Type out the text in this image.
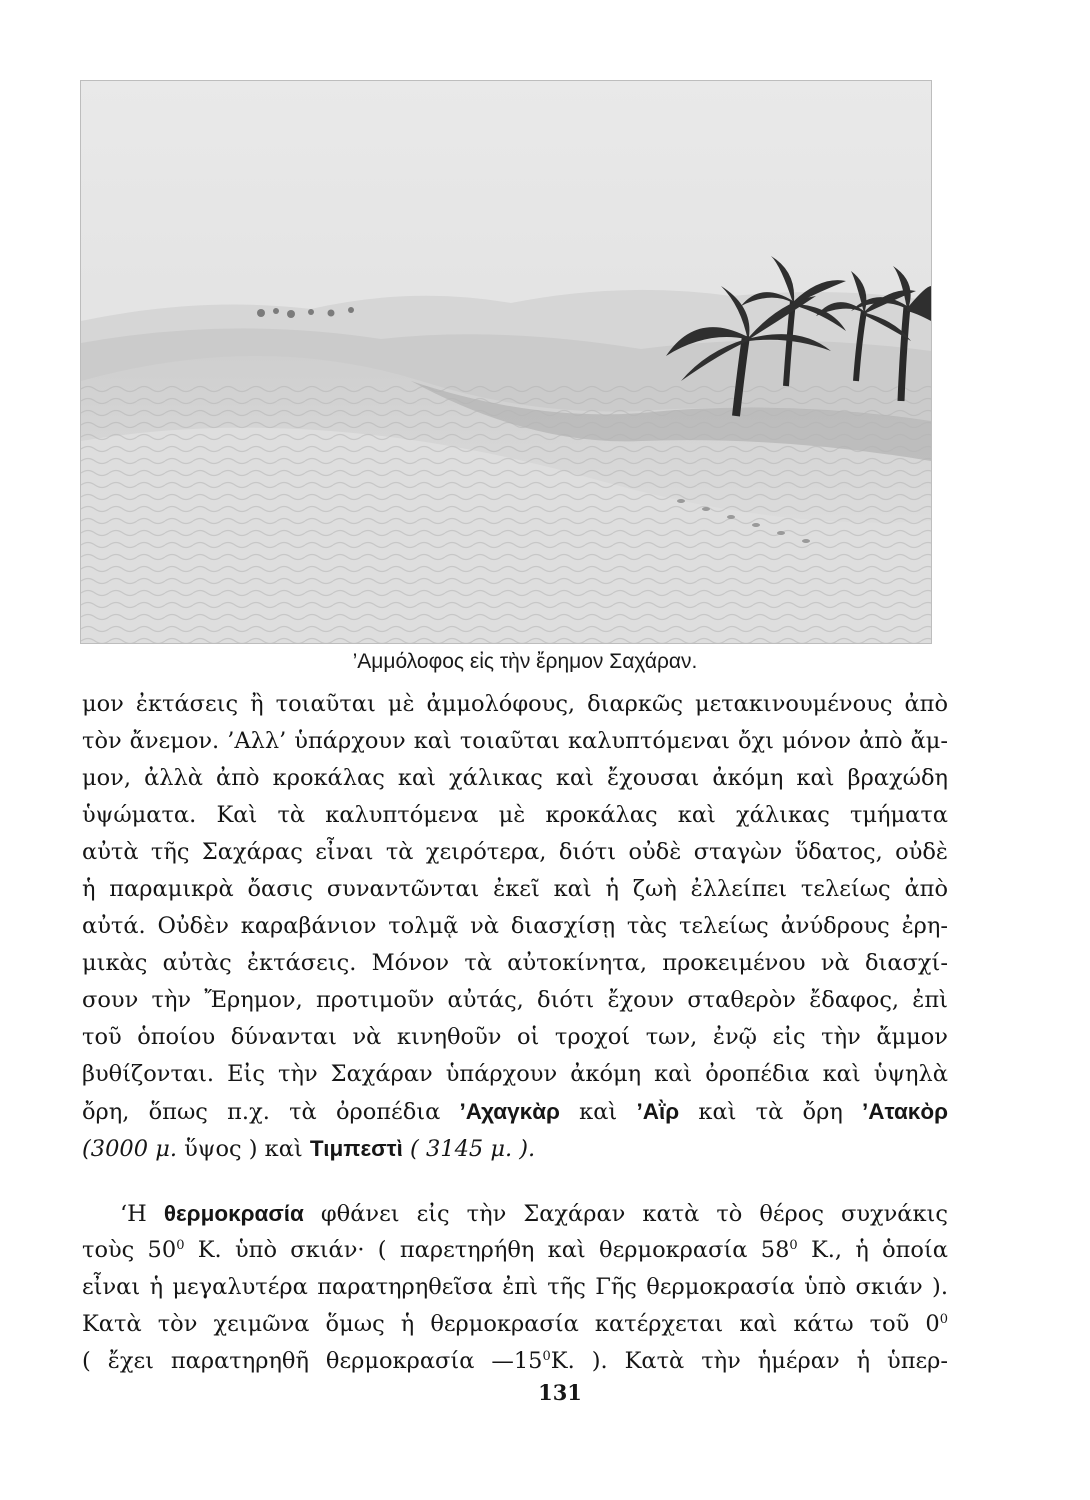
’Αμμόλοφος εἰς τὴν ἔρημον Σαχάραν.
μον ἐκτάσεις ἢ τοιαῦται μὲ ἀμμολόφους, διαρκῶς μετακινουμένους ἀπὸ
τὸν ἄνεμον. ’Αλλ’ ὑπάρχουν καὶ τοιαῦται καλυπτόμεναι ὄχι μόνον ἀπὸ ἄμ-
μον, ἀλλὰ ἀπὸ κροκάλας καὶ χάλικας καὶ ἔχουσαι ἀκόμη καὶ βραχώδη
ὑψώματα. Καὶ τὰ καλυπτόμενα μὲ κροκάλας καὶ χάλικας τμήματα
αὐτὰ τῆς Σαχάρας εἶναι τὰ χειρότερα, διότι οὐδὲ σταγὼν ὕδατος, οὐδὲ
ἡ παραμικρὰ ὄασις συναντῶνται ἐκεῖ καὶ ἡ ζωὴ ἐλλείπει τελείως ἀπὸ
αὐτά. Οὐδὲν καραβάνιον τολμᾷ νὰ διασχίσῃ τὰς τελείως ἀνύδρους ἐρη-
μικὰς αὐτὰς ἐκτάσεις. Μόνον τὰ αὐτοκίνητα, προκειμένου νὰ διασχί-
σουν τὴν Ἔρημον, προτιμοῦν αὐτάς, διότι ἔχουν σταθερὸν ἔδαφος, ἐπὶ
τοῦ ὁποίου δύνανται νὰ κινηθοῦν οἱ τροχοί των, ἐνῷ εἰς τὴν ἄμμον
βυθίζονται. Εἰς τὴν Σαχάραν ὑπάρχουν ἀκόμη καὶ ὀροπέδια καὶ ὑψηλὰ
ὄρη, ὅπως π.χ. τὰ ὀροπέδια ’Αχαγκὰρ καὶ ’Αῒρ καὶ τὰ ὄρη ’Ατακὸρ
(3000 μ. ὕψος ) καὶ Τιμπεστὶ ( 3145 μ. ).
‘Η θερμοκρασία φθάνει εἰς τὴν Σαχάραν κατὰ τὸ θέρος συχνάκις
τοὺς $50^0$ Κ. ὑπὸ σκιάν· ( παρετηρήθη καὶ θερμοκρασία $58^0$ Κ., ἡ ὁποία
εἶναι ἡ μεγαλυτέρα παρατηρηθεῖσα ἐπὶ τῆς Γῆς θερμοκρασία ὑπὸ σκιάν ).
Κατὰ τὸν χειμῶνα ὅμως ἡ θερμοκρασία κατέρχεται καὶ κάτω τοῦ $0^0$
( ἔχει παρατηρηθῆ θερμοκρασία $—15^0K$. ). Κατὰ τὴν ἡμέραν ἡ ὑπερ-
131
